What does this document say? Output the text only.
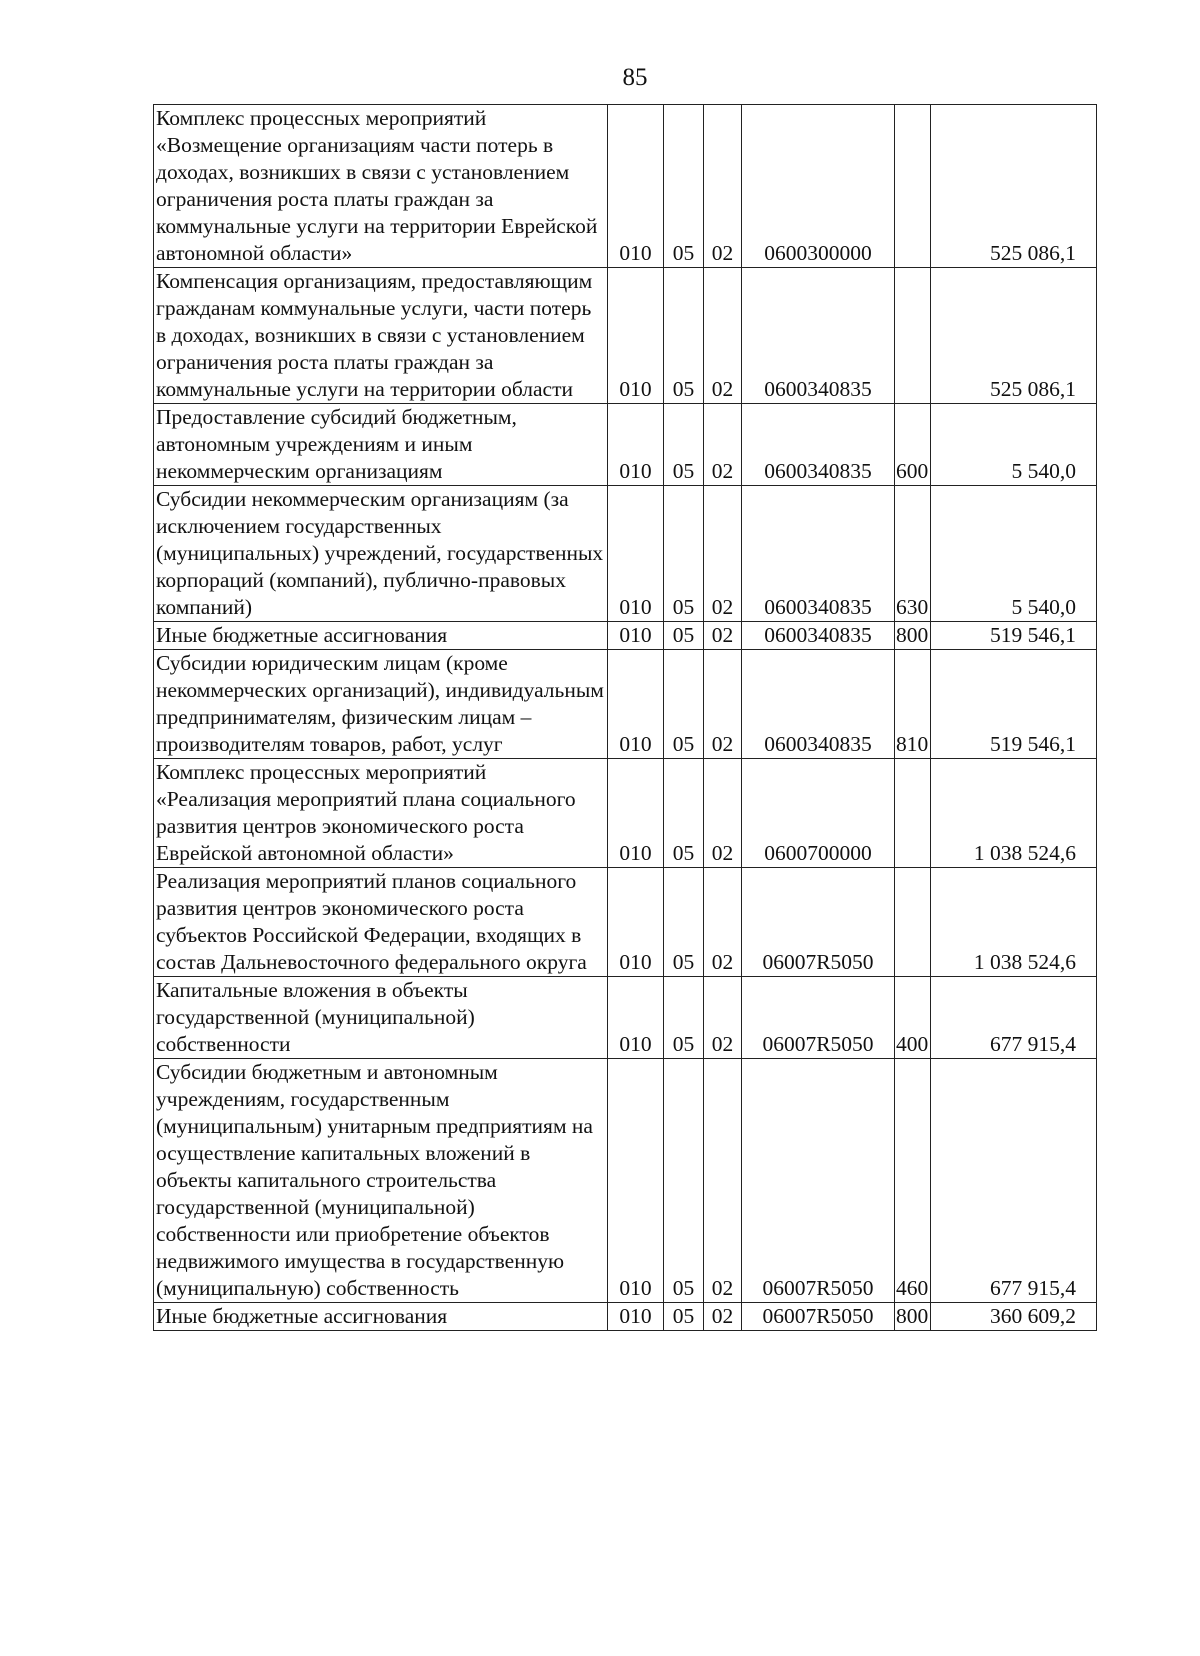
85
Комплекс процессных мероприятий «Возмещение организациям части потерь в доходах, возникших в связи с установлением ограничения роста платы граждан за коммунальные услуги на территории Еврейской автономной области»	010	05	02	0600300000		525 086,1
Компенсация организациям, предоставляющим гражданам коммунальные услуги, части потерь в доходах, возникших в связи с установлением ограничения роста платы граждан за коммунальные услуги на территории области	010	05	02	0600340835		525 086,1
Предоставление субсидий бюджетным, автономным учреждениям и иным некоммерческим организациям	010	05	02	0600340835	600	5 540,0
Субсидии некоммерческим организациям (за исключением государственных (муниципальных) учреждений, государственных корпораций (компаний), публично-правовых компаний)	010	05	02	0600340835	630	5 540,0
Иные бюджетные ассигнования	010	05	02	0600340835	800	519 546,1
Субсидии юридическим лицам (кроме некоммерческих организаций), индивидуальным предпринимателям, физическим лицам – производителям товаров, работ, услуг	010	05	02	0600340835	810	519 546,1
Комплекс процессных мероприятий «Реализация мероприятий плана социального развития центров экономического роста Еврейской автономной области»	010	05	02	0600700000		1 038 524,6
Реализация мероприятий планов социального развития центров экономического роста субъектов Российской Федерации, входящих в состав Дальневосточного федерального округа	010	05	02	06007R5050		1 038 524,6
Капитальные вложения в объекты государственной (муниципальной) собственности	010	05	02	06007R5050	400	677 915,4
Субсидии бюджетным и автономным учреждениям, государственным (муниципальным) унитарным предприятиям на осуществление капитальных вложений в объекты капитального строительства государственной (муниципальной) собственности или приобретение объектов недвижимого имущества в государственную (муниципальную) собственность	010	05	02	06007R5050	460	677 915,4
Иные бюджетные ассигнования	010	05	02	06007R5050	800	360 609,2
